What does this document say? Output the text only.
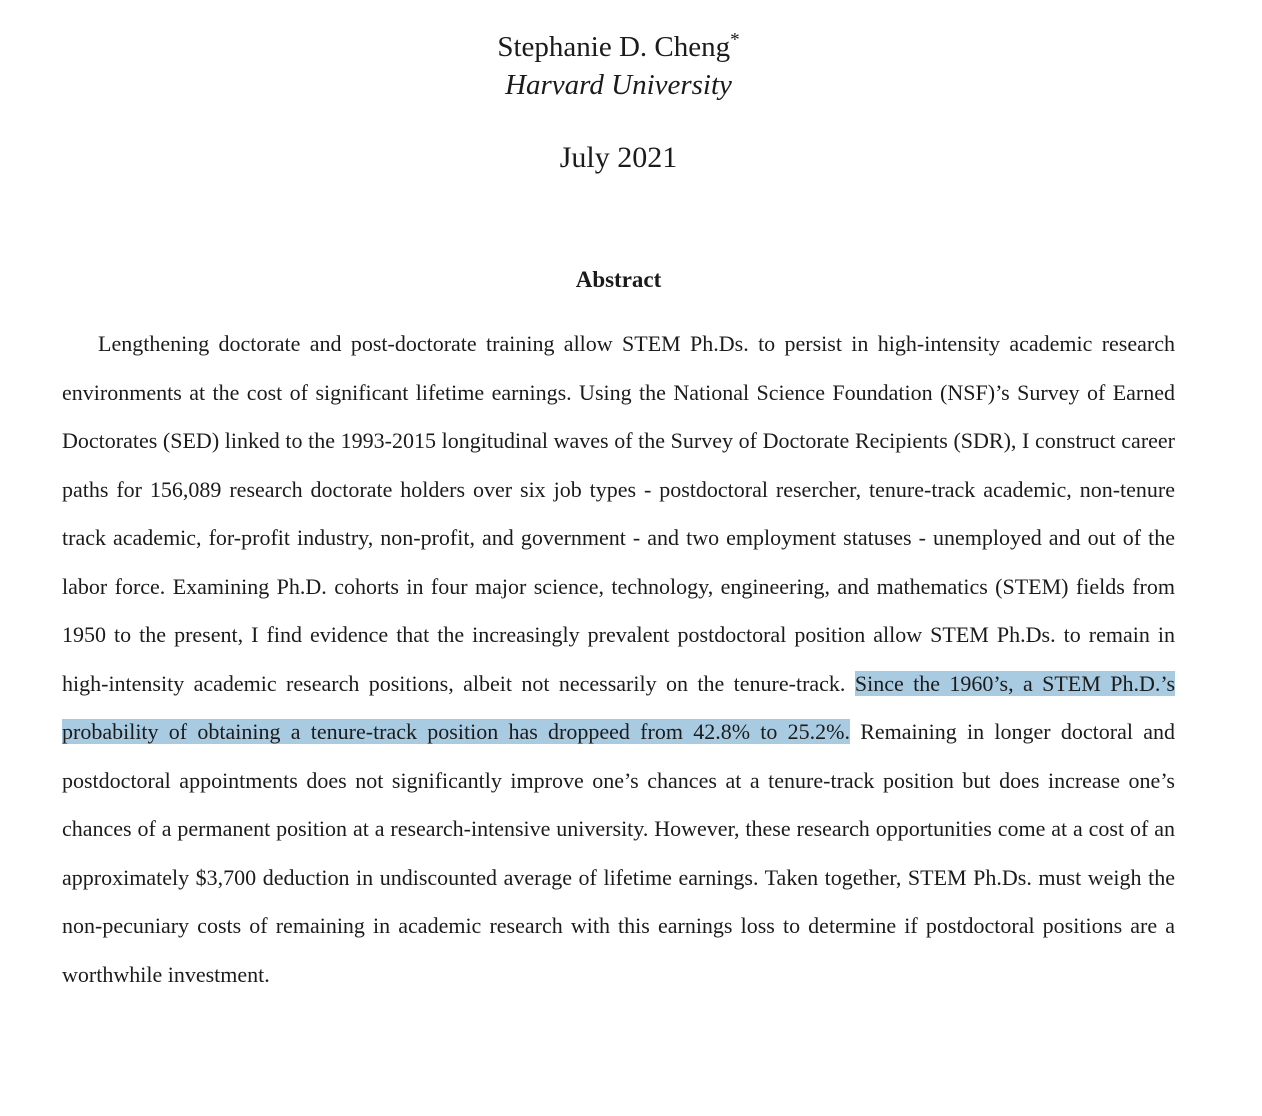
Stephanie D. Cheng*
Harvard University
July 2021
Abstract

Lengthening doctorate and post-doctorate training allow STEM Ph.Ds. to persist in high-intensity academic research environments at the cost of significant lifetime earnings. Using the National Science Foundation (NSF)’s Survey of Earned Doctorates (SED) linked to the 1993-2015 longitudinal waves of the Survey of Doctorate Recipients (SDR), I construct career paths for 156,089 research doctorate holders over six job types - postdoctoral resercher, tenure-track academic, non-tenure track academic, for-profit industry, non-profit, and government - and two employment statuses - unemployed and out of the labor force. Examining Ph.D. cohorts in four major science, technology, engineering, and mathematics (STEM) fields from 1950 to the present, I find evidence that the increasingly prevalent postdoctoral position allow STEM Ph.Ds. to remain in high-intensity academic research positions, albeit not necessarily on the tenure-track. Since the 1960’s, a STEM Ph.D.’s probability of obtaining a tenure-track position has droppeed from 42.8% to 25.2%. Remaining in longer doctoral and postdoctoral appointments does not significantly improve one’s chances at a tenure-track position but does increase one’s chances of a permanent position at a research-intensive university. However, these research opportunities come at a cost of an approximately $3,700 deduction in undiscounted average of lifetime earnings. Taken together, STEM Ph.Ds. must weigh the non-pecuniary costs of remaining in academic research with this earnings loss to determine if postdoctoral positions are a worthwhile investment.
